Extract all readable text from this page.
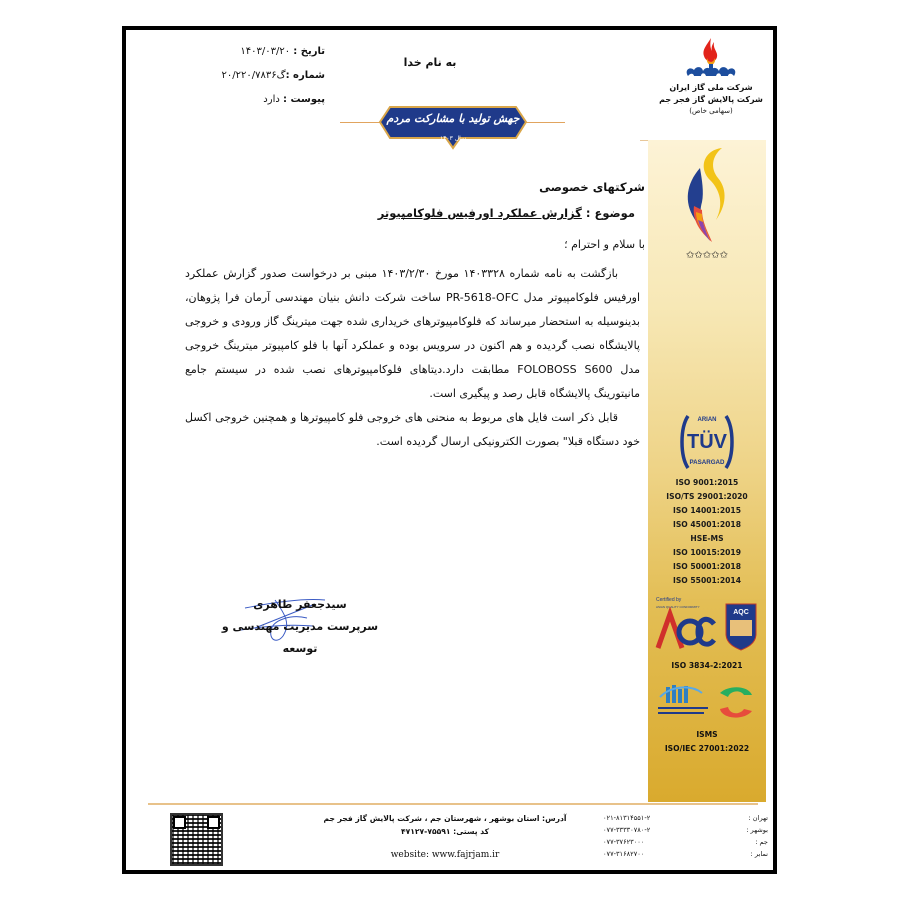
تاریخ : ۱۴۰۳/۰۳/۲۰
شماره :گ۲۰/۲۲۰/۷۸۳۶
پیوست : دارد
به نام خدا
شرکت ملی گاز ایران
شرکت پالایش گاز فجر جم
(سهامی خاص)
✩✩✩✩✩
ARIAN
TÜV
PASARGAD
ISO 9001:2015
ISO/TS 29001:2020
ISO 14001:2015
ISO 45001:2018
HSE-MS
ISO 10015:2019
ISO 50001:2018
ISO 55001:2014
Certified by
ASIAN QUALITY CONFORMITY
AQC
ISO 3834-2:2021
ISMS
ISO/IEC 27001:2022
جهش تولید با مشارکت مردم
سال ۱۴۰۳
شرکتهای خصوصی
موضوع : گزارش عملکرد اورفیس فلوکامپیوتر
با سلام و احترام ؛

بازگشت به نامه شماره ۱۴۰۳۳۲۸ مورخ ۱۴۰۳/۲/۳۰ مبنی بر درخواست صدور گزارش عملکرد اورفیس فلوکامپیوتر مدل PR-5618-OFC ساخت شرکت دانش بنیان مهندسی آرمان فرا پژوهان، بدینوسیله به استحضار میرساند که فلوکامپیوترهای خریداری شده جهت میترینگ گاز ورودی و خروجی پالایشگاه نصب گردیده و هم اکنون در سرویس بوده و عملکرد آنها با فلو کامپیوتر میترینگ خروجی مدل FOLOBOSS S600 مطابقت دارد.دیتاهای فلوکامپیوترهای نصب شده در سیستم جامع مانیتورینگ پالایشگاه قابل رصد و پیگیری است.

قابل ذکر است فایل های مربوط به منحنی های خروجی فلو کامپیوترها و همچنین خروجی اکسل خود دستگاه قبلا" بصورت الکترونیکی ارسال گردیده است.

سیدجعفر طاهری
سرپرست مدیریت مهندسی و
توسعه
آدرس: استان بوشهر ، شهرستان جم ، شرکت پالایش گاز فجر جم
کد پستی: ۷۵۵۹۱-۴۷۱۲۷
website: www.fajrjam.ir
۰۲۱-۸۱۳۱۴۵۵۱-۲	تهران :
۰۷۷-۳۳۳۳۰۷۸۰-۲	بوشهر :
۰۷۷-۳۷۶۲۳۰۰۰	جم :
۰۷۷-۳۱۶۸۲۷۰۰	نمابر :
